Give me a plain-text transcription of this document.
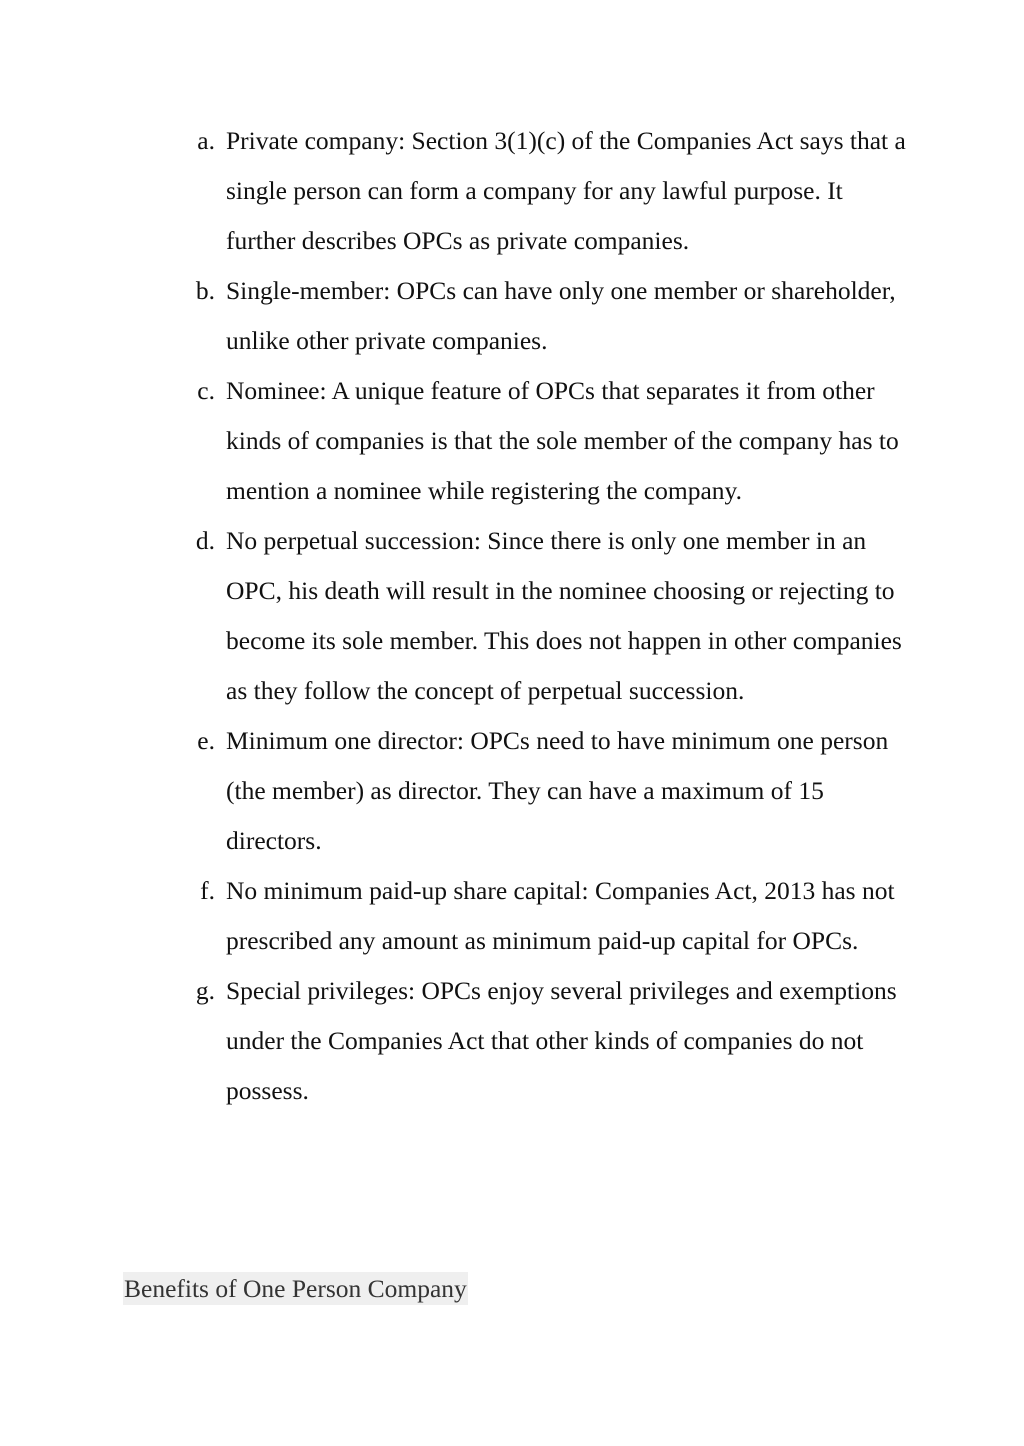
a. Private company: Section 3(1)(c) of the Companies Act says that a single person can form a company for any lawful purpose. It further describes OPCs as private companies.
b. Single-member: OPCs can have only one member or shareholder, unlike other private companies.
c. Nominee: A unique feature of OPCs that separates it from other kinds of companies is that the sole member of the company has to mention a nominee while registering the company.
d. No perpetual succession: Since there is only one member in an OPC, his death will result in the nominee choosing or rejecting to become its sole member. This does not happen in other companies as they follow the concept of perpetual succession.
e. Minimum one director: OPCs need to have minimum one person (the member) as director. They can have a maximum of 15 directors.
f. No minimum paid-up share capital: Companies Act, 2013 has not prescribed any amount as minimum paid-up capital for OPCs.
g. Special privileges: OPCs enjoy several privileges and exemptions under the Companies Act that other kinds of companies do not possess.
Benefits of One Person Company
